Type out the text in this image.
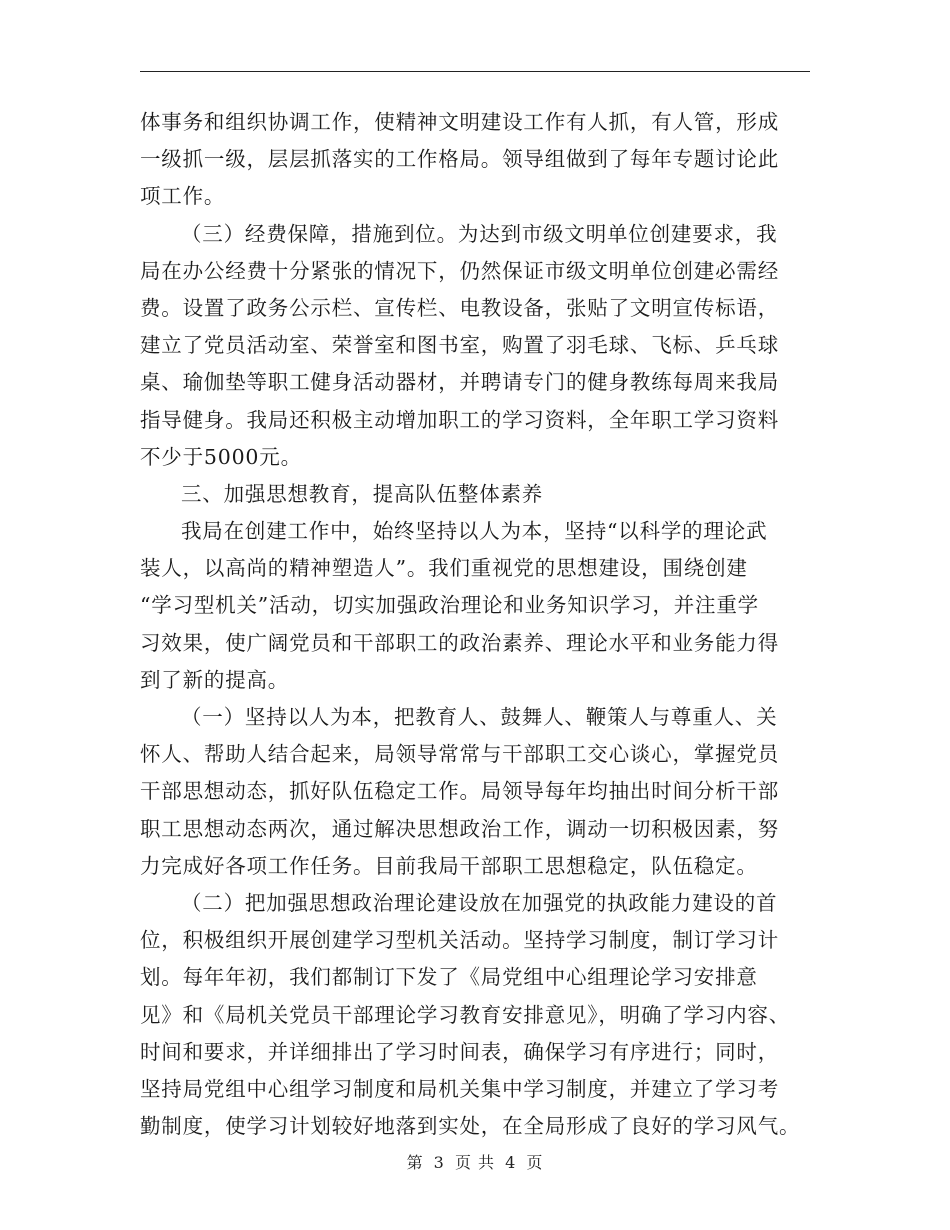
体事务和组织协调工作，使精神文明建设工作有人抓，有人管，形成
一级抓一级，层层抓落实的工作格局。领导组做到了每年专题讨论此
项工作。
（三）经费保障，措施到位。为达到市级文明单位创建要求，我
局在办公经费十分紧张的情况下，仍然保证市级文明单位创建必需经
费。设置了政务公示栏、宣传栏、电教设备，张贴了文明宣传标语，
建立了党员活动室、荣誉室和图书室，购置了羽毛球、飞标、乒乓球
桌、瑜伽垫等职工健身活动器材，并聘请专门的健身教练每周来我局
指导健身。我局还积极主动增加职工的学习资料，全年职工学习资料
不少于5000元。
三、加强思想教育，提高队伍整体素养
我局在创建工作中，始终坚持以人为本，坚持“以科学的理论武
装人，以高尚的精神塑造人”。我们重视党的思想建设，围绕创建
“学习型机关”活动，切实加强政治理论和业务知识学习，并注重学
习效果，使广阔党员和干部职工的政治素养、理论水平和业务能力得
到了新的提高。
（一）坚持以人为本，把教育人、鼓舞人、鞭策人与尊重人、关
怀人、帮助人结合起来，局领导常常与干部职工交心谈心，掌握党员
干部思想动态，抓好队伍稳定工作。局领导每年均抽出时间分析干部
职工思想动态两次，通过解决思想政治工作，调动一切积极因素，努
力完成好各项工作任务。目前我局干部职工思想稳定，队伍稳定。
（二）把加强思想政治理论建设放在加强党的执政能力建设的首
位，积极组织开展创建学习型机关活动。坚持学习制度，制订学习计
划。每年年初，我们都制订下发了《局党组中心组理论学习安排意
见》和《局机关党员干部理论学习教育安排意见》，明确了学习内容、
时间和要求，并详细排出了学习时间表，确保学习有序进行；同时，
坚持局党组中心组学习制度和局机关集中学习制度，并建立了学习考
勤制度，使学习计划较好地落到实处，在全局形成了良好的学习风气。
第 3 页 共 4 页
